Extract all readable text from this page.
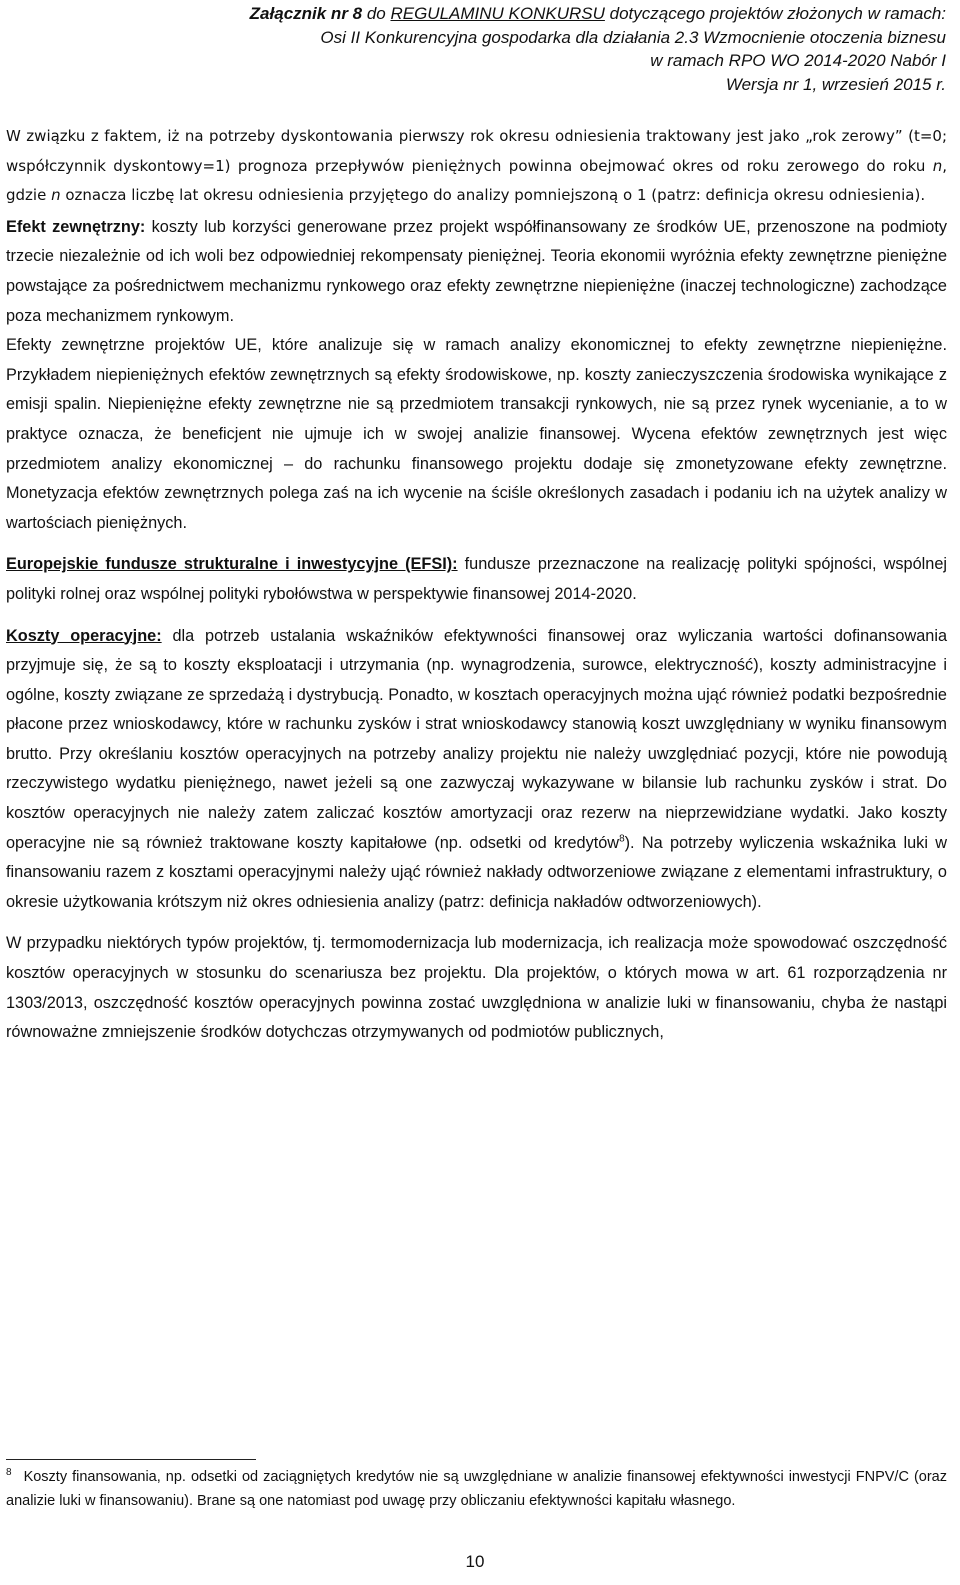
Załącznik nr 8 do REGULAMINU KONKURSU dotyczącego projektów złożonych w ramach:
Osi II Konkurencyjna gospodarka dla działania 2.3 Wzmocnienie otoczenia biznesu
w ramach RPO WO 2014-2020 Nabór I
Wersja nr 1, wrzesień 2015 r.

W związku z faktem, iż na potrzeby dyskontowania pierwszy rok okresu odniesienia traktowany jest jako „rok zerowy” (t=0; współczynnik dyskontowy=1) prognoza przepływów pieniężnych powinna obejmować okres od roku zerowego do roku n, gdzie n oznacza liczbę lat okresu odniesienia przyjętego do analizy pomniejszoną o 1 (patrz: definicja okresu odniesienia).

Efekt zewnętrzny: koszty lub korzyści generowane przez projekt współfinansowany ze środków UE, przenoszone na podmioty trzecie niezależnie od ich woli bez odpowiedniej rekompensaty pieniężnej. Teoria ekonomii wyróżnia efekty zewnętrzne pieniężne powstające za pośrednictwem mechanizmu rynkowego oraz efekty zewnętrzne niepieniężne (inaczej technologiczne) zachodzące poza mechanizmem rynkowym.

Efekty zewnętrzne projektów UE, które analizuje się w ramach analizy ekonomicznej to efekty zewnętrzne niepieniężne. Przykładem niepieniężnych efektów zewnętrznych są efekty środowiskowe, np. koszty zanieczyszczenia środowiska wynikające z emisji spalin. Niepieniężne efekty zewnętrzne nie są przedmiotem transakcji rynkowych, nie są przez rynek wycenianie, a to w praktyce oznacza, że beneficjent nie ujmuje ich w swojej analizie finansowej. Wycena efektów zewnętrznych jest więc przedmiotem analizy ekonomicznej – do rachunku finansowego projektu dodaje się zmonetyzowane efekty zewnętrzne. Monetyzacja efektów zewnętrznych polega zaś na ich wycenie na ściśle określonych zasadach i podaniu ich na użytek analizy w wartościach pieniężnych.

Europejskie fundusze strukturalne i inwestycyjne (EFSI): fundusze przeznaczone na realizację polityki spójności, wspólnej polityki rolnej oraz wspólnej polityki rybołówstwa w perspektywie finansowej 2014-2020.

Koszty operacyjne: dla potrzeb ustalania wskaźników efektywności finansowej oraz wyliczania wartości dofinansowania przyjmuje się, że są to koszty eksploatacji i utrzymania (np. wynagrodzenia, surowce, elektryczność), koszty administracyjne i ogólne, koszty związane ze sprzedażą i dystrybucją. Ponadto, w kosztach operacyjnych można ująć również podatki bezpośrednie płacone przez wnioskodawcy, które w rachunku zysków i strat wnioskodawcy stanowią koszt uwzględniany w wyniku finansowym brutto. Przy określaniu kosztów operacyjnych na potrzeby analizy projektu nie należy uwzględniać pozycji, które nie powodują rzeczywistego wydatku pieniężnego, nawet jeżeli są one zazwyczaj wykazywane w bilansie lub rachunku zysków i strat. Do kosztów operacyjnych nie należy zatem zaliczać kosztów amortyzacji oraz rezerw na nieprzewidziane wydatki. Jako koszty operacyjne nie są również traktowane koszty kapitałowe (np. odsetki od kredytów$^8$). Na potrzeby wyliczenia wskaźnika luki w finansowaniu razem z kosztami operacyjnymi należy ująć również nakłady odtworzeniowe związane z elementami infrastruktury, o okresie użytkowania krótszym niż okres odniesienia analizy (patrz: definicja nakładów odtworzeniowych).

W przypadku niektórych typów projektów, tj. termomodernizacja lub modernizacja, ich realizacja może spowodować oszczędność kosztów operacyjnych w stosunku do scenariusza bez projektu. Dla projektów, o których mowa w art. 61 rozporządzenia nr 1303/2013, oszczędność kosztów operacyjnych powinna zostać uwzględniona w analizie luki w finansowaniu, chyba że nastąpi równoważne zmniejszenie środków dotychczas otrzymywanych od podmiotów publicznych,

$^8$ Koszty finansowania, np. odsetki od zaciągniętych kredytów nie są uwzględniane w analizie finansowej efektywności inwestycji FNPV/C (oraz analizie luki w finansowaniu). Brane są one natomiast pod uwagę przy obliczaniu efektywności kapitału własnego.
10
